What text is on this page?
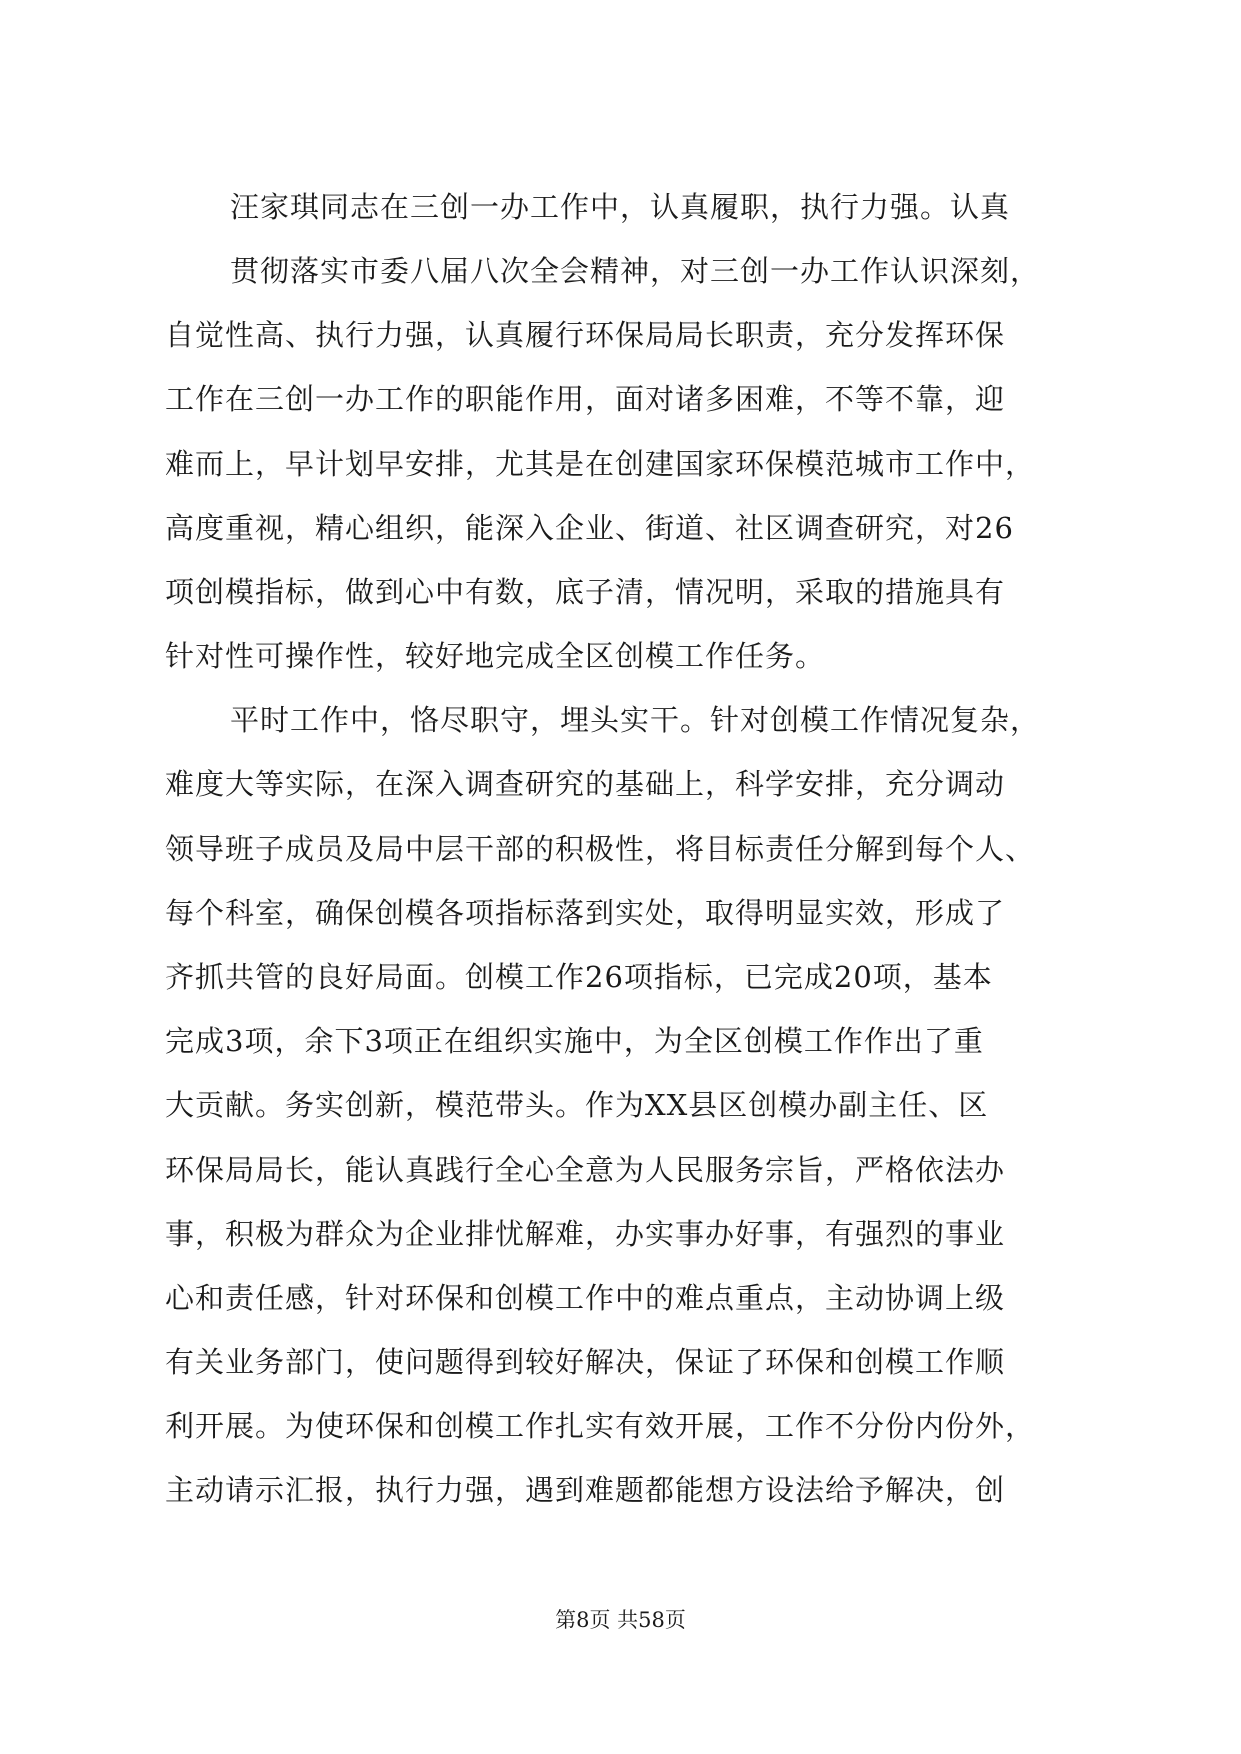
汪家琪同志在三创一办工作中，认真履职，执行力强。认真
贯彻落实市委八届八次全会精神，对三创一办工作认识深刻，
自觉性高、执行力强，认真履行环保局局长职责，充分发挥环保
工作在三创一办工作的职能作用，面对诸多困难，不等不靠，迎
难而上，早计划早安排，尤其是在创建国家环保模范城市工作中，
高度重视，精心组织，能深入企业、街道、社区调查研究，对26
项创模指标，做到心中有数，底子清，情况明，采取的措施具有
针对性可操作性，较好地完成全区创模工作任务。
平时工作中，恪尽职守，埋头实干。针对创模工作情况复杂，
难度大等实际，在深入调查研究的基础上，科学安排，充分调动
领导班子成员及局中层干部的积极性，将目标责任分解到每个人、
每个科室，确保创模各项指标落到实处，取得明显实效，形成了
齐抓共管的良好局面。创模工作26项指标，已完成20项，基本
完成3项，余下3项正在组织实施中，为全区创模工作作出了重
大贡献。务实创新，模范带头。作为XX县区创模办副主任、区
环保局局长，能认真践行全心全意为人民服务宗旨，严格依法办
事，积极为群众为企业排忧解难，办实事办好事，有强烈的事业
心和责任感，针对环保和创模工作中的难点重点，主动协调上级
有关业务部门，使问题得到较好解决，保证了环保和创模工作顺
利开展。为使环保和创模工作扎实有效开展，工作不分份内份外，
主动请示汇报，执行力强，遇到难题都能想方设法给予解决，创
第8页 共58页
